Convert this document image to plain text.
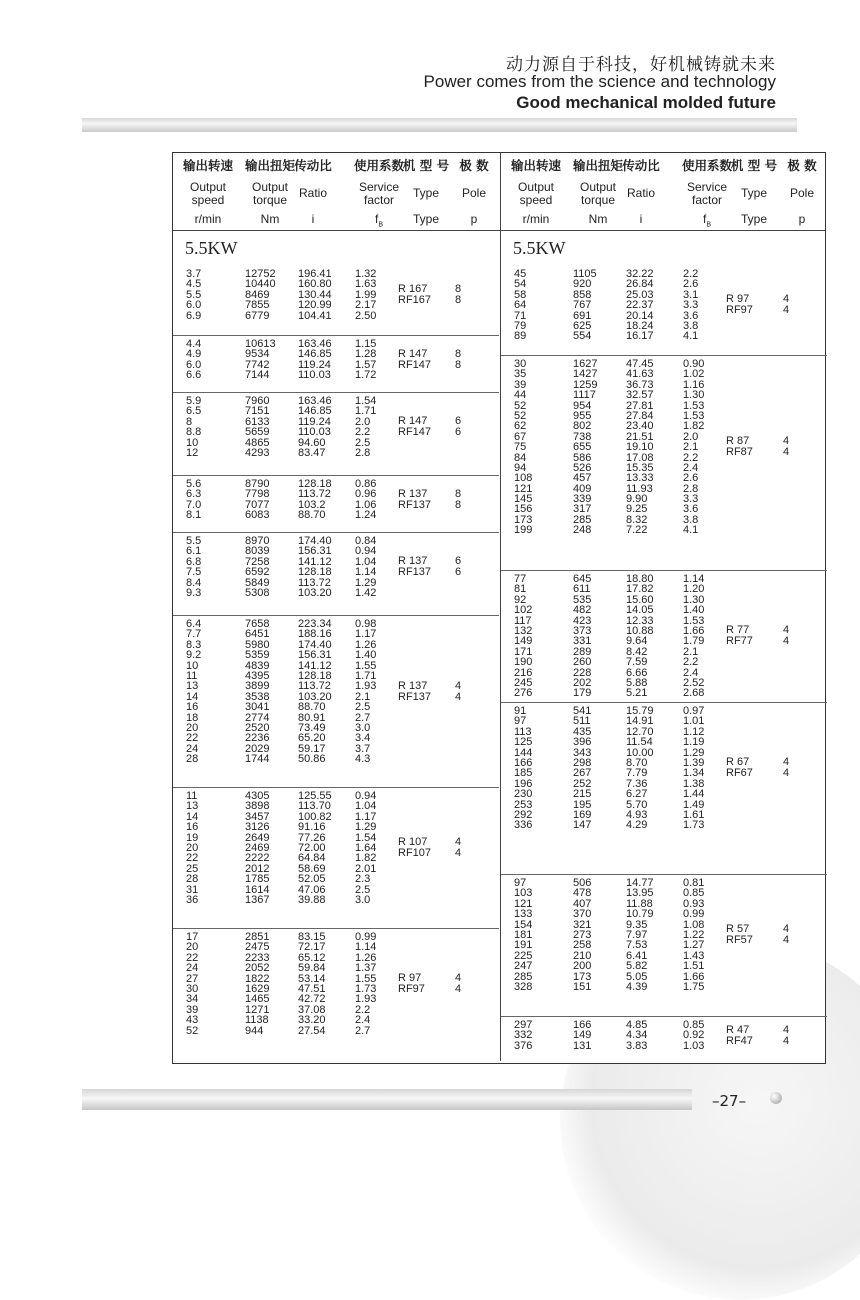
动力源自于科技，好机械铸就未来
Power comes from the science and technology
Good mechanical molded future
输出转速
Output
speed
r/min
输出扭矩
Output
torque
Nm
传动比
Ratio
i
使用系数
Service
factor
$f_B$
机 型 号
Type
Type
极 数
Pole
p
5.5KW
3.7
4.5
5.5
6.0
6.9
12752
10440
8469
7855
6779
196.41
160.80
130.44
120.99
104.41
1.32
1.63
1.99
2.17
2.50
R 167
RF167
8
8
4.4
4.9
6.0
6.6
10613
9534
7742
7144
163.46
146.85
119.24
110.03
1.15
1.28
1.57
1.72
R 147
RF147
8
8
5.9
6.5
8
8.8
10
12
7960
7151
6133
5659
4865
4293
163.46
146.85
119.24
110.03
94.60
83.47
1.54
1.71
2.0
2.2
2.5
2.8
R 147
RF147
6
6
5.6
6.3
7.0
8.1
8790
7798
7077
6083
128.18
113.72
103.2
88.70
0.86
0.96
1.06
1.24
R 137
RF137
8
8
5.5
6.1
6.8
7.5
8.4
9.3
8970
8039
7258
6592
5849
5308
174.40
156.31
141.12
128.18
113.72
103.20
0.84
0.94
1.04
1.14
1.29
1.42
R 137
RF137
6
6
6.4
7.7
8.3
9.2
10
11
13
14
16
18
20
22
24
28
7658
6451
5980
5359
4839
4395
3899
3538
3041
2774
2520
2236
2029
1744
223.34
188.16
174.40
156.31
141.12
128.18
113.72
103.20
88.70
80.91
73.49
65.20
59.17
50.86
0.98
1.17
1.26
1.40
1.55
1.71
1.93
2.1
2.5
2.7
3.0
3.4
3.7
4.3
R 137
RF137
4
4
11
13
14
16
19
20
22
25
28
31
36
4305
3898
3457
3126
2649
2469
2222
2012
1785
1614
1367
125.55
113.70
100.82
91.16
77.26
72.00
64.84
58.69
52.05
47.06
39.88
0.94
1.04
1.17
1.29
1.54
1.64
1.82
2.01
2.3
2.5
3.0
R 107
RF107
4
4
17
20
22
24
27
30
34
39
43
52
2851
2475
2233
2052
1822
1629
1465
1271
1138
944
83.15
72.17
65.12
59.84
53.14
47.51
42.72
37.08
33.20
27.54
0.99
1.14
1.26
1.37
1.55
1.73
1.93
2.2
2.4
2.7
R 97
RF97
4
4
输出转速
Output
speed
r/min
输出扭矩
Output
torque
Nm
传动比
Ratio
i
使用系数
Service
factor
$f_B$
机 型 号
Type
Type
极 数
Pole
p
5.5KW
45
54
58
64
71
79
89
1105
920
858
767
691
625
554
32.22
26.84
25.03
22.37
20.14
18.24
16.17
2.2
2.6
3.1
3.3
3.6
3.8
4.1
R 97
RF97
4
4
30
35
39
44
52
52
62
67
75
84
94
108
121
145
156
173
199
1627
1427
1259
1117
954
955
802
738
655
586
526
457
409
339
317
285
248
47.45
41.63
36.73
32.57
27.81
27.84
23.40
21.51
19.10
17.08
15.35
13.33
11.93
9.90
9.25
8.32
7.22
0.90
1.02
1.16
1.30
1.53
1.53
1.82
2.0
2.1
2.2
2.4
2.6
2.8
3.3
3.6
3.8
4.1
R 87
RF87
4
4
77
81
92
102
117
132
149
171
190
216
245
276
645
611
535
482
423
373
331
289
260
228
202
179
18.80
17.82
15.60
14.05
12.33
10.88
9.64
8.42
7.59
6.66
5.88
5.21
1.14
1.20
1.30
1.40
1.53
1.66
1.79
2.1
2.2
2.4
2.52
2.68
R 77
RF77
4
4
91
97
113
125
144
166
185
196
230
253
292
336
541
511
435
396
343
298
267
252
215
195
169
147
15.79
14.91
12.70
11.54
10.00
8.70
7.79
7.36
6.27
5.70
4.93
4.29
0.97
1.01
1.12
1.19
1.29
1.39
1.34
1.38
1.44
1.49
1.61
1.73
R 67
RF67
4
4
97
103
121
133
154
181
191
225
247
285
328
506
478
407
370
321
273
258
210
200
173
151
14.77
13.95
11.88
10.79
9.35
7.97
7.53
6.41
5.82
5.05
4.39
0.81
0.85
0.93
0.99
1.08
1.22
1.27
1.43
1.51
1.66
1.75
R 57
RF57
4
4
297
332
376
166
149
131
4.85
4.34
3.83
0.85
0.92
1.03
R 47
RF47
4
4
–27–
